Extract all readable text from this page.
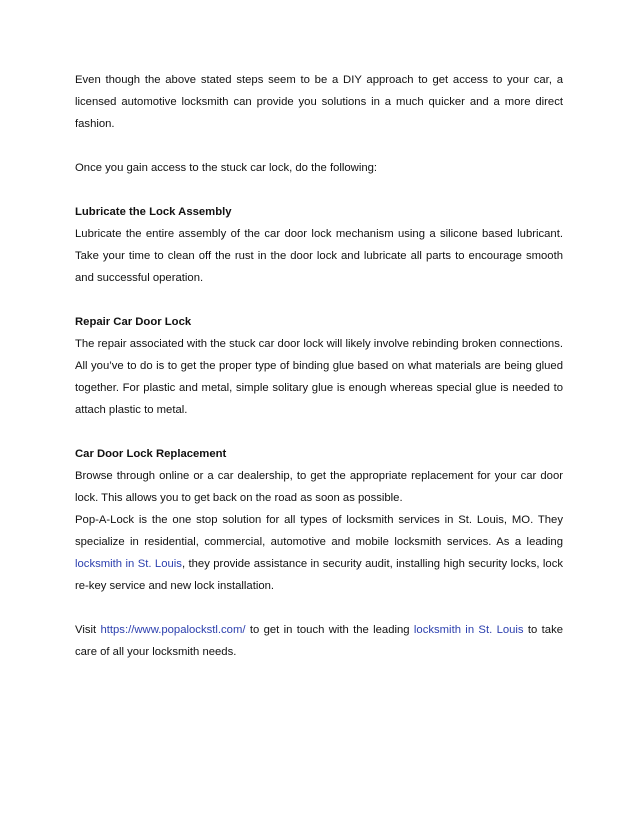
Even though the above stated steps seem to be a DIY approach to get access to your car, a licensed automotive locksmith can provide you solutions in a much quicker and a more direct fashion.

Once you gain access to the stuck car lock, do the following:

Lubricate the Lock Assembly

Lubricate the entire assembly of the car door lock mechanism using a silicone based lubricant. Take your time to clean off the rust in the door lock and lubricate all parts to encourage smooth and successful operation.

Repair Car Door Lock

The repair associated with the stuck car door lock will likely involve rebinding broken connections. All you’ve to do is to get the proper type of binding glue based on what materials are being glued together. For plastic and metal, simple solitary glue is enough whereas special glue is needed to attach plastic to metal.

Car Door Lock Replacement

Browse through online or a car dealership, to get the appropriate replacement for your car door lock. This allows you to get back on the road as soon as possible.

Pop-A-Lock is the one stop solution for all types of locksmith services in St. Louis, MO. They specialize in residential, commercial, automotive and mobile locksmith services. As a leading locksmith in St. Louis, they provide assistance in security audit, installing high security locks, lock re-key service and new lock installation.

Visit https://www.popalockstl.com/ to get in touch with the leading locksmith in St. Louis to take care of all your locksmith needs.
